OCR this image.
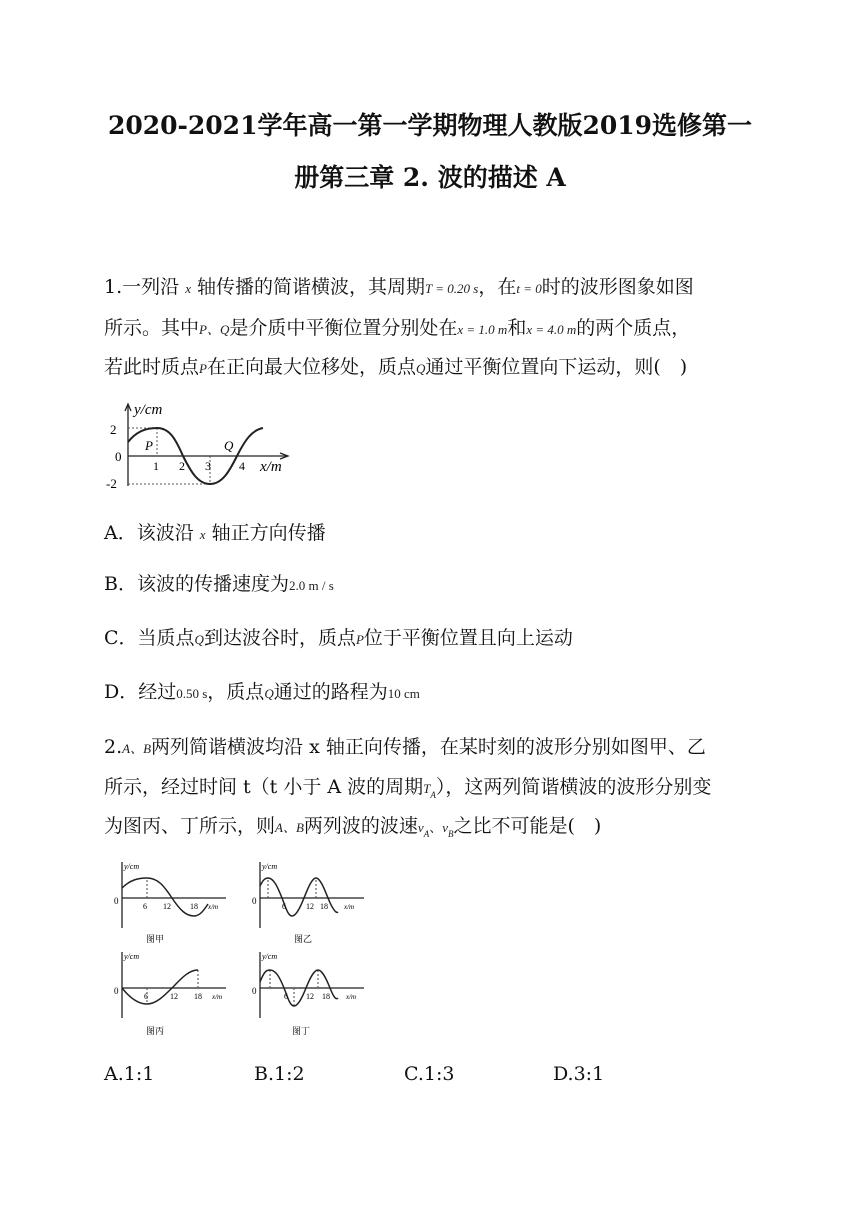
2020-2021学年高一第一学期物理人教版2019选修第一
册第三章 2. 波的描述 A
1.一列沿 x 轴传播的简谐横波，其周期T = 0.20 s，在t = 0时的波形图象如图
所示。其中P、Q是介质中平衡位置分别处在x = 1.0 m和x = 4.0 m的两个质点，
若此时质点P在正向最大位移处，质点Q通过平衡位置向下运动，则(　)
y/cm
2
0
-2
1 2 3 4
P	Q
x/m
A．该波沿 x 轴正方向传播
B．该波的传播速度为2.0 m / s
C．当质点Q到达波谷时，质点P位于平衡位置且向上运动
D．经过0.50 s，质点Q通过的路程为10 cm
2.A、B两列简谐横波均沿 x 轴正向传播，在某时刻的波形分别如图甲、乙
所示，经过时间 t（t 小于 A 波的周期$T_A$），这两列简谐横波的波形分别变
为图丙、丁所示，则A、B两列波的波速$v_A$、$v_B$之比不可能是(　)
y/cm
0
6 12 18 x/m
图甲
y/cm
0
6	12 18 x/m
图乙
y/cm
0
6	12 18 x/m
图丙
y/cm
0
6 12 18 x/m
图丁
A.1:1	B.1:2	C.1:3	D.3:1
